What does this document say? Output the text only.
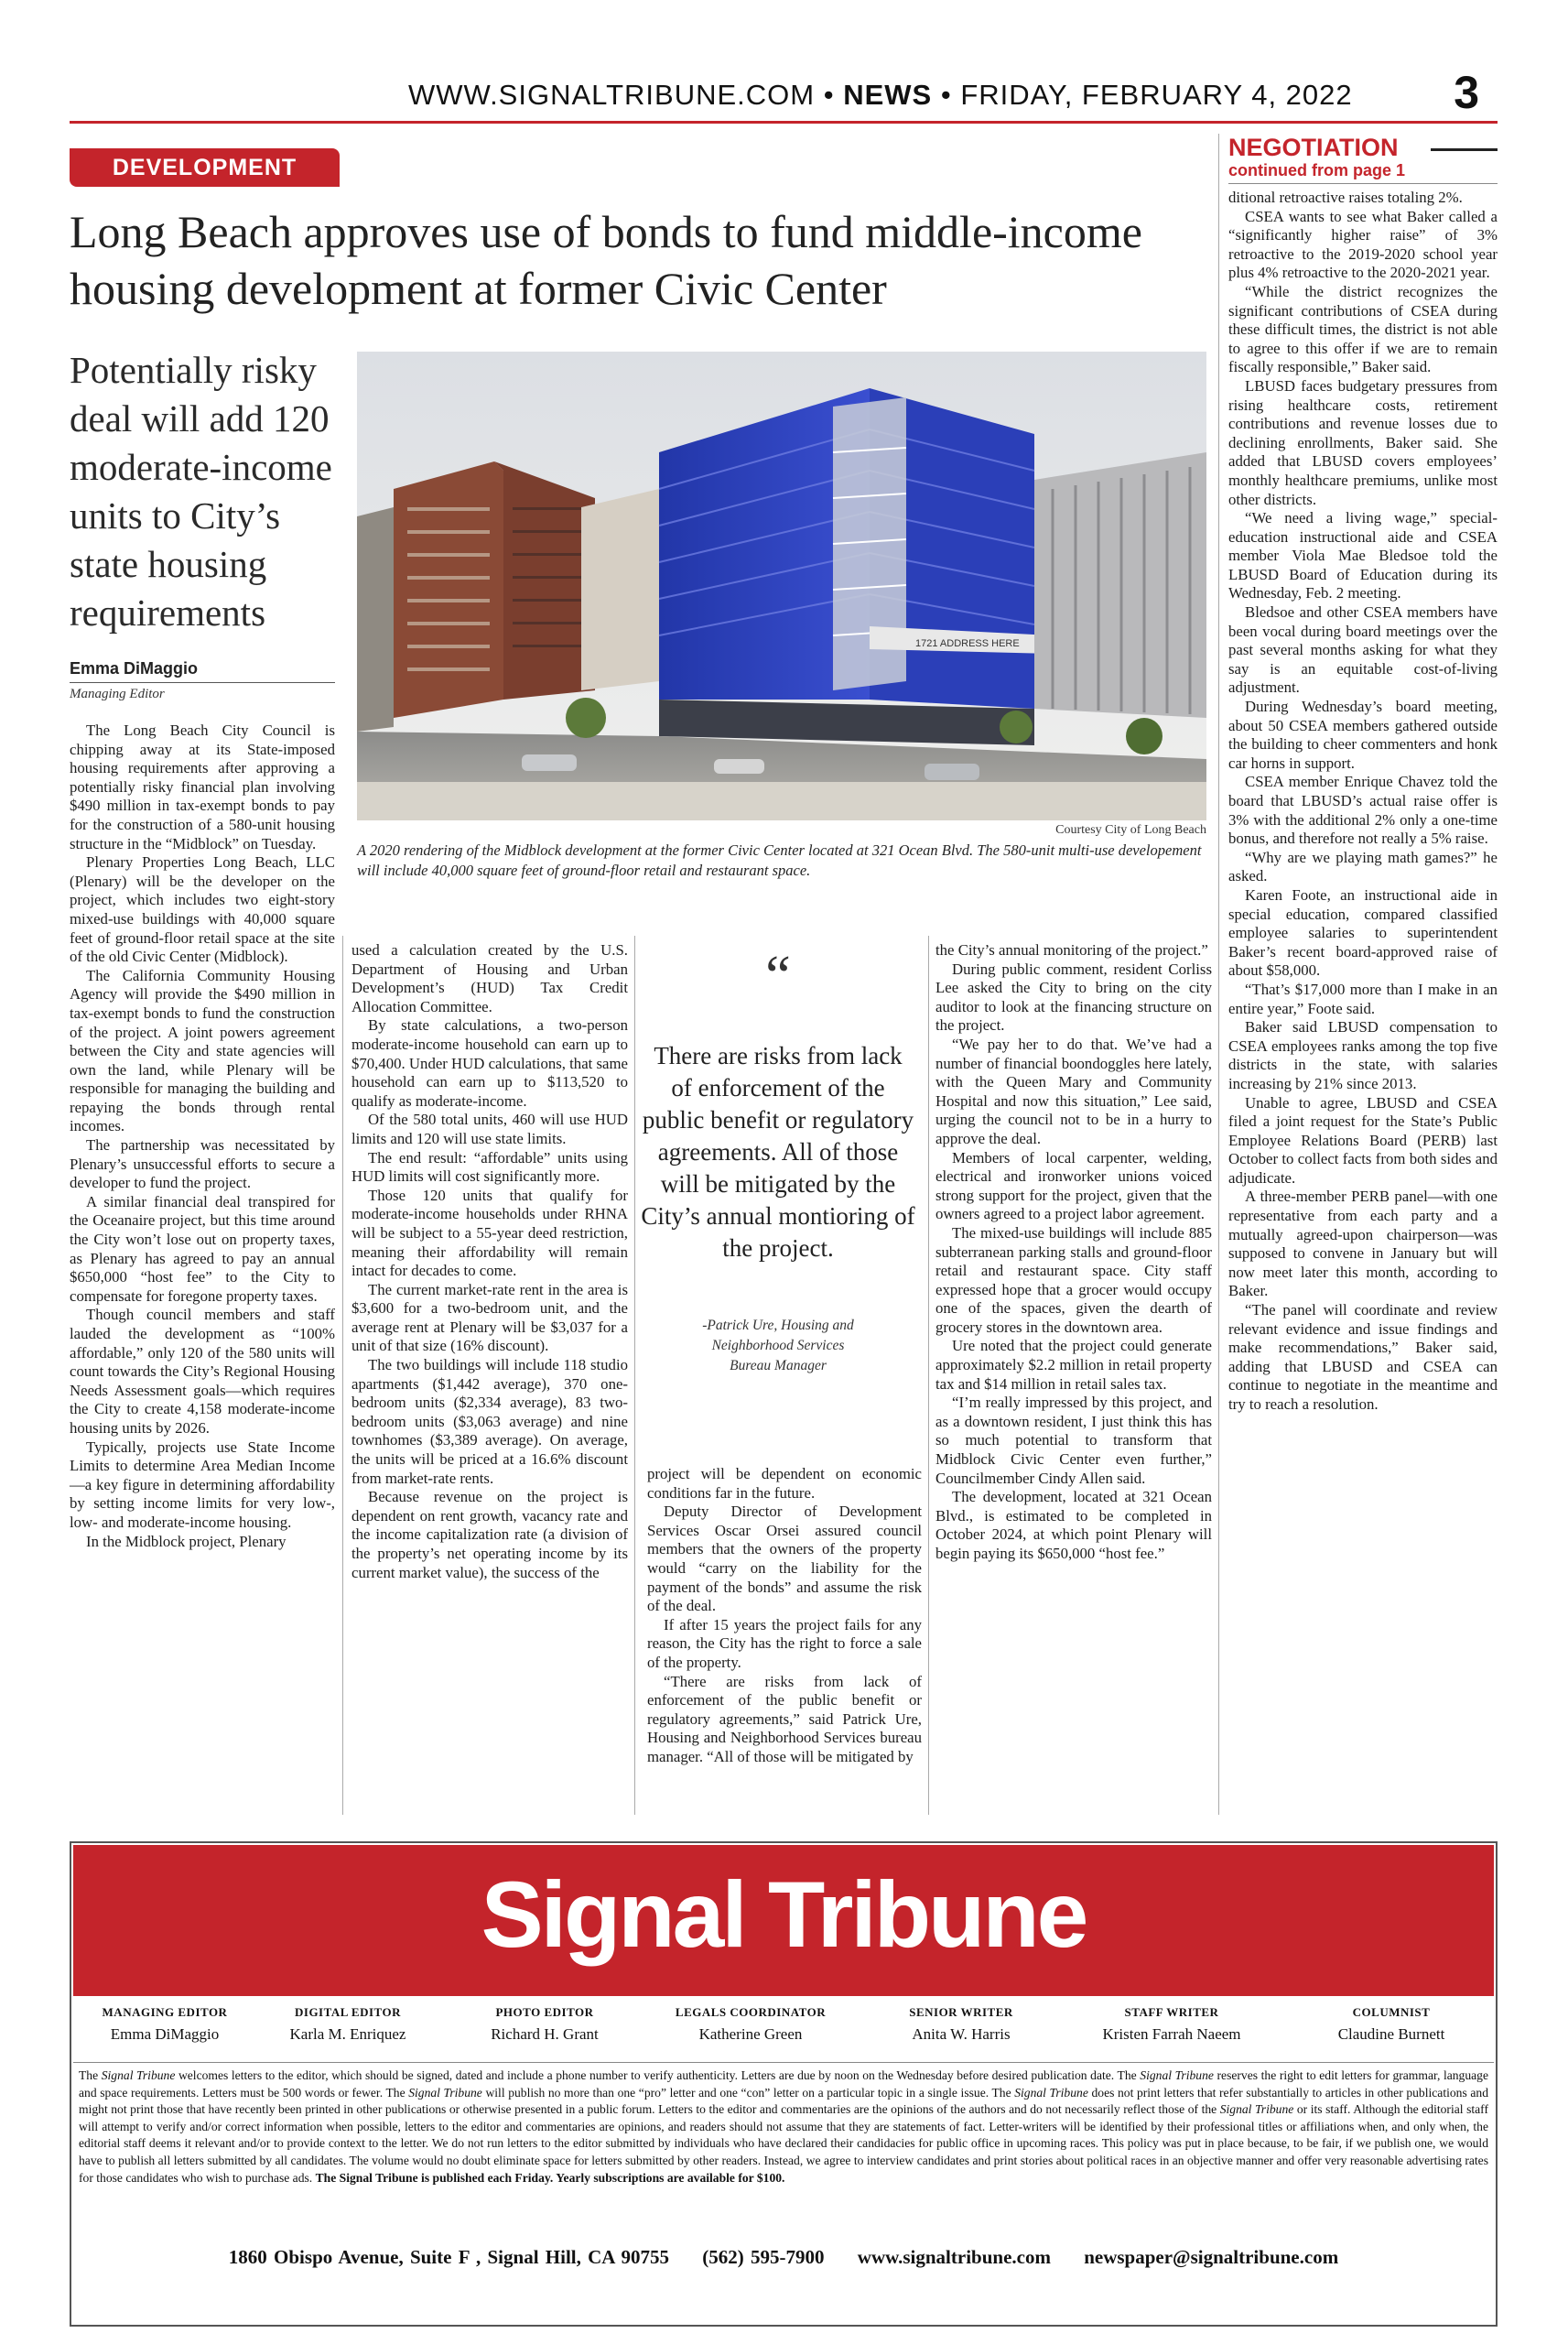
WWW.SIGNALTRIBUNE.COM • NEWS • FRIDAY, FEBRUARY 4, 2022 3
DEVELOPMENT
Long Beach approves use of bonds to fund middle-income housing development at former Civic Center
Potentially risky deal will add 120 moderate-income units to City’s state housing requirements
Emma DiMaggio
Managing Editor
1721 ADDRESS HERE
Courtesy City of Long Beach
A 2020 rendering of the Midblock development at the former Civic Center located at 321 Ocean Blvd. The 580-unit multi-use developement will include 40,000 square feet of ground-floor retail and restaurant space.

The Long Beach City Council is chipping away at its State-imposed housing requirements after approving a potentially risky financial plan involving $490 million in tax-exempt bonds to pay for the construction of a 580-unit housing structure in the “Midblock” on Tuesday.

Plenary Properties Long Beach, LLC (Plenary) will be the developer on the project, which includes two eight-story mixed-use buildings with 40,000 square feet of ground-floor retail space at the site of the old Civic Center (Midblock).

The California Community Housing Agency will provide the $490 million in tax-exempt bonds to fund the construction of the project. A joint powers agreement between the City and state agencies will own the land, while Plenary will be responsible for managing the building and repaying the bonds through rental incomes.

The partnership was necessitated by Plenary’s unsuccessful efforts to secure a developer to fund the project.

A similar financial deal transpired for the Oceanaire project, but this time around the City won’t lose out on property taxes, as Plenary has agreed to pay an annual $650,000 “host fee” to the City to compensate for foregone property taxes.

Though council members and staff lauded the development as “100% affordable,” only 120 of the 580 units will count towards the City’s Regional Housing Needs Assessment goals—which requires the City to create 4,158 moderate-income housing units by 2026.

Typically, projects use State Income Limits to determine Area Median Income—a key figure in determining affordability by setting income limits for very low-, low- and moderate-income housing.

In the Midblock project, Plenary

used a calculation created by the U.S. Department of Housing and Urban Development’s (HUD) Tax Credit Allocation Committee.

By state calculations, a two-person moderate-income household can earn up to $70,400. Under HUD calculations, that same household can earn up to $113,520 to qualify as moderate-income.

Of the 580 total units, 460 will use HUD limits and 120 will use state limits.

The end result: “affordable” units using HUD limits will cost significantly more.

Those 120 units that qualify for moderate-income households under RHNA will be subject to a 55-year deed restriction, meaning their affordability will remain intact for decades to come.

The current market-rate rent in the area is $3,600 for a two-bedroom unit, and the average rent at Plenary will be $3,037 for a unit of that size (16% discount).

The two buildings will include 118 studio apartments ($1,442 average), 370 one-bedroom units ($2,334 average), 83 two-bedroom units ($3,063 average) and nine townhomes ($3,389 average). On average, the units will be priced at a 16.6% discount from market-rate rents.

Because revenue on the project is dependent on rent growth, vacancy rate and the income capitalization rate (a division of the property’s net operating income by its current market value), the success of the

“
There are risks from lack of enforcement of the public benefit or regulatory agreements. All of those will be mitigated by the City’s annual montioring of the project.
-Patrick Ure, Housing and
Neighborhood Services
Bureau Manager

project will be dependent on economic conditions far in the future.

Deputy Director of Development Services Oscar Orsei assured council members that the owners of the property would “carry on the liability for the payment of the bonds” and assume the risk of the deal.

If after 15 years the project fails for any reason, the City has the right to force a sale of the property.

“There are risks from lack of enforcement of the public benefit or regulatory agreements,” said Patrick Ure, Housing and Neighborhood Services bureau manager. “All of those will be mitigated by

the City’s annual monitoring of the project.”

During public comment, resident Corliss Lee asked the City to bring on the city auditor to look at the financing structure on the project.

“We pay her to do that. We’ve had a number of financial boondoggles here lately, with the Queen Mary and Community Hospital and now this situation,” Lee said, urging the council not to be in a hurry to approve the deal.

Members of local carpenter, welding, electrical and ironworker unions voiced strong support for the project, given that the owners agreed to a project labor agreement.

The mixed-use buildings will include 885 subterranean parking stalls and ground-floor retail and restaurant space. City staff expressed hope that a grocer would occupy one of the spaces, given the dearth of grocery stores in the downtown area.

Ure noted that the project could generate approximately $2.2 million in retail property tax and $14 million in retail sales tax.

“I’m really impressed by this project, and as a downtown resident, I just think this has so much potential to transform that Midblock Civic Center even further,” Councilmember Cindy Allen said.

The development, located at 321 Ocean Blvd., is estimated to be completed in October 2024, at which point Plenary will begin paying its $650,000 “host fee.”

NEGOTIATION
continued from page 1

ditional retroactive raises totaling 2%.

CSEA wants to see what Baker called a “significantly higher raise” of 3% retroactive to the 2019-2020 school year plus 4% retroactive to the 2020-2021 year.

“While the district recognizes the significant contributions of CSEA during these difficult times, the district is not able to agree to this offer if we are to remain fiscally responsible,” Baker said.

LBUSD faces budgetary pressures from rising healthcare costs, retirement contributions and revenue losses due to declining enrollments, Baker said. She added that LBUSD covers employees’ monthly healthcare premiums, unlike most other districts.

“We need a living wage,” special-education instructional aide and CSEA member Viola Mae Bledsoe told the LBUSD Board of Education during its Wednesday, Feb. 2 meeting.

Bledsoe and other CSEA members have been vocal during board meetings over the past several months asking for what they say is an equitable cost-of-living adjustment.

During Wednesday’s board meeting, about 50 CSEA members gathered outside the building to cheer commenters and honk car horns in support.

CSEA member Enrique Chavez told the board that LBUSD’s actual raise offer is 3% with the additional 2% only a one-time bonus, and therefore not really a 5% raise.

“Why are we playing math games?” he asked.

Karen Foote, an instructional aide in special education, compared classified employee salaries to superintendent Baker’s recent board-approved raise of about $58,000.

“That’s $17,000 more than I make in an entire year,” Foote said.

Baker said LBUSD compensation to CSEA employees ranks among the top five districts in the state, with salaries increasing by 21% since 2013.

Unable to agree, LBUSD and CSEA filed a joint request for the State’s Public Employee Relations Board (PERB) last October to collect facts from both sides and adjudicate.

A three-member PERB panel—with one representative from each party and a mutually agreed-upon chairperson—was supposed to convene in January but will now meet later this month, according to Baker.

“The panel will coordinate and review relevant evidence and issue findings and make recommendations,” Baker said, adding that LBUSD and CSEA can continue to negotiate in the meantime and try to reach a resolution.

Signal Tribune
MANAGING EDITOR
Emma DiMaggio
DIGITAL EDITOR
Karla M. Enriquez
PHOTO EDITOR
Richard H. Grant
LEGALS COORDINATOR
Katherine Green
SENIOR WRITER
Anita W. Harris
STAFF WRITER
Kristen Farrah Naeem
COLUMNIST
Claudine Burnett
The Signal Tribune welcomes letters to the editor, which should be signed, dated and include a phone number to verify authenticity. Letters are due by noon on the Wednesday before desired publication date. The Signal Tribune reserves the right to edit letters for grammar, language and space requirements. Letters must be 500 words or fewer. The Signal Tribune will publish no more than one “pro” letter and one “con” letter on a particular topic in a single issue. The Signal Tribune does not print letters that refer substantially to articles in other publications and might not print those that have recently been printed in other publications or otherwise presented in a public forum. Letters to the editor and commentaries are the opinions of the authors and do not necessarily reflect those of the Signal Tribune or its staff. Although the editorial staff will attempt to verify and/or correct information when possible, letters to the editor and commentaries are opinions, and readers should not assume that they are statements of fact. Letter-writers will be identified by their professional titles or affiliations when, and only when, the editorial staff deems it relevant and/or to provide context to the letter. We do not run letters to the editor submitted by individuals who have declared their candidacies for public office in upcoming races. This policy was put in place because, to be fair, if we publish one, we would have to publish all letters submitted by all candidates. The volume would no doubt eliminate space for letters submitted by other readers. Instead, we agree to interview candidates and print stories about political races in an objective manner and offer very reasonable advertising rates for those candidates who wish to purchase ads. The Signal Tribune is published each Friday. Yearly subscriptions are available for $100.
1860 Obispo Avenue, Suite F , Signal Hill, CA 90755 (562) 595-7900 www.signaltribune.com newspaper@signaltribune.com
